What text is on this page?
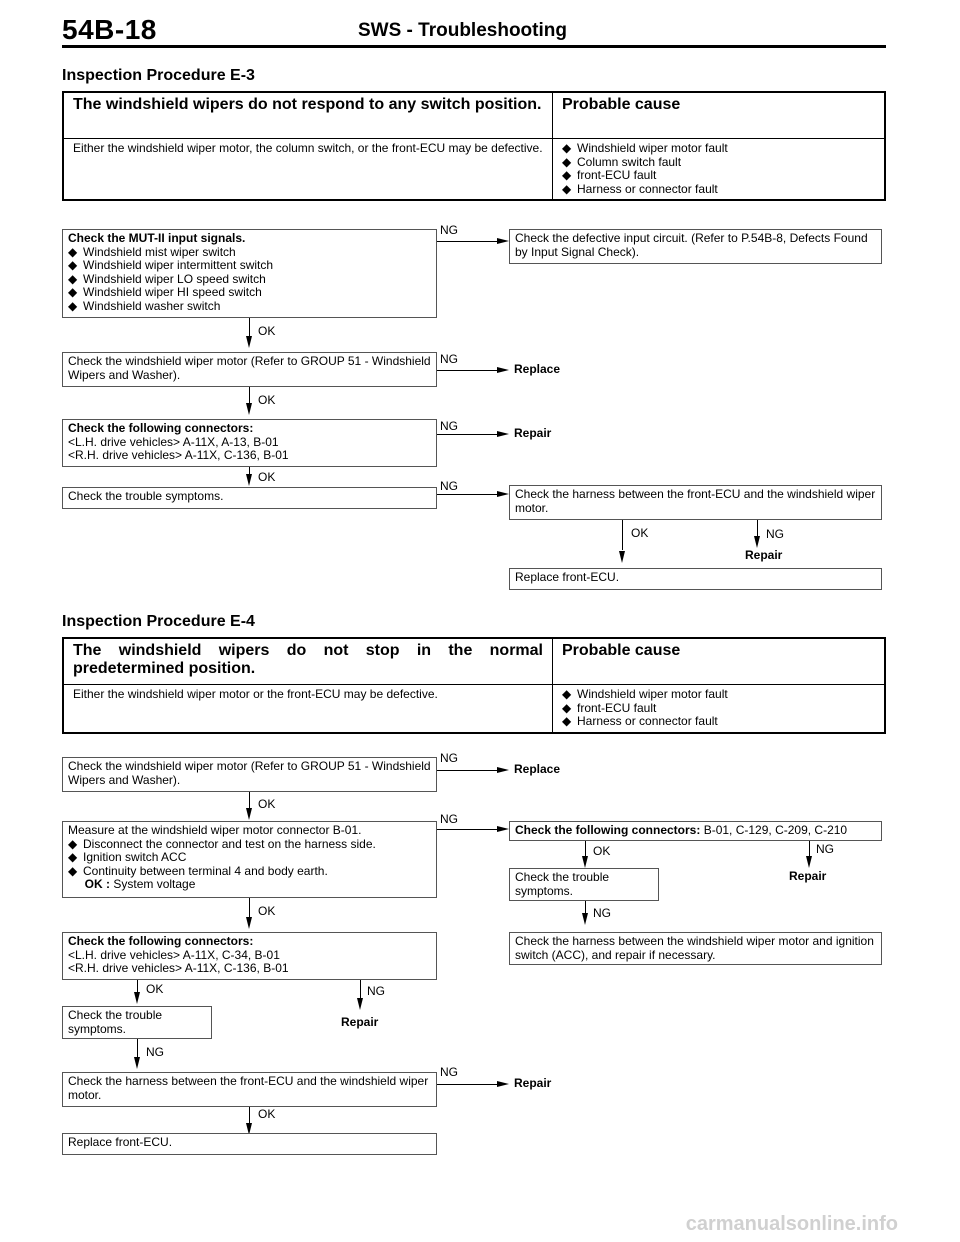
54B-18	SWS - Troubleshooting
Inspection Procedure E-3
The windshield wipers do not respond to any switch position.	Probable cause
Either the windshield wiper motor, the column switch, or the front-ECU may be defective.	◆ Windshield wiper motor fault
◆ Column switch fault
◆ front-ECU fault
◆ Harness or connector fault
Check the MUT-II input signals.
◆ Windshield mist wiper switch
◆ Windshield wiper intermittent switch
◆ Windshield wiper LO speed switch
◆ Windshield wiper HI speed switch
◆ Windshield washer switch
NG
Check the defective input circuit. (Refer to P.54B-8, Defects Found by Input Signal Check).
OK
Check the windshield wiper motor (Refer to GROUP 51 - Windshield Wipers and Washer).
NG
Replace
OK
Check the following connectors:
<L.H. drive vehicles> A-11X, A-13, B-01
<R.H. drive vehicles> A-11X, C-136, B-01
NG	Repair
OK
Check the trouble symptoms.
NG
Check the harness between the front-ECU and the windshield wiper motor.
OK	NG
Repair
Replace front-ECU.
Inspection Procedure E-4
The windshield wipers do not stop in the normal predetermined position.	Probable cause
Either the windshield wiper motor or the front-ECU may be defective.	◆ Windshield wiper motor fault
◆ front-ECU fault
◆ Harness or connector fault
Check the windshield wiper motor (Refer to GROUP 51 - Windshield Wipers and Washer).
NG
Replace
OK
Measure at the windshield wiper motor connector B-01.
◆ Disconnect the connector and test on the harness side.
◆ Ignition switch ACC
◆ Continuity between terminal 4 and body earth.
OK : System voltage
NG
Check the following connectors: B-01, C-129, C-209, C-210
OK	NG
Repair
Check the trouble symptoms.
NG
Check the harness between the windshield wiper motor and ignition switch (ACC), and repair if necessary.
OK
Check the following connectors:
<L.H. drive vehicles> A-11X, C-34, B-01
<R.H. drive vehicles> A-11X, C-136, B-01
OK	NG
Repair
Check the trouble symptoms.
NG
Check the harness between the front-ECU and the windshield wiper motor.
NG
Repair
OK
Replace front-ECU.
carmanualsonline.info
